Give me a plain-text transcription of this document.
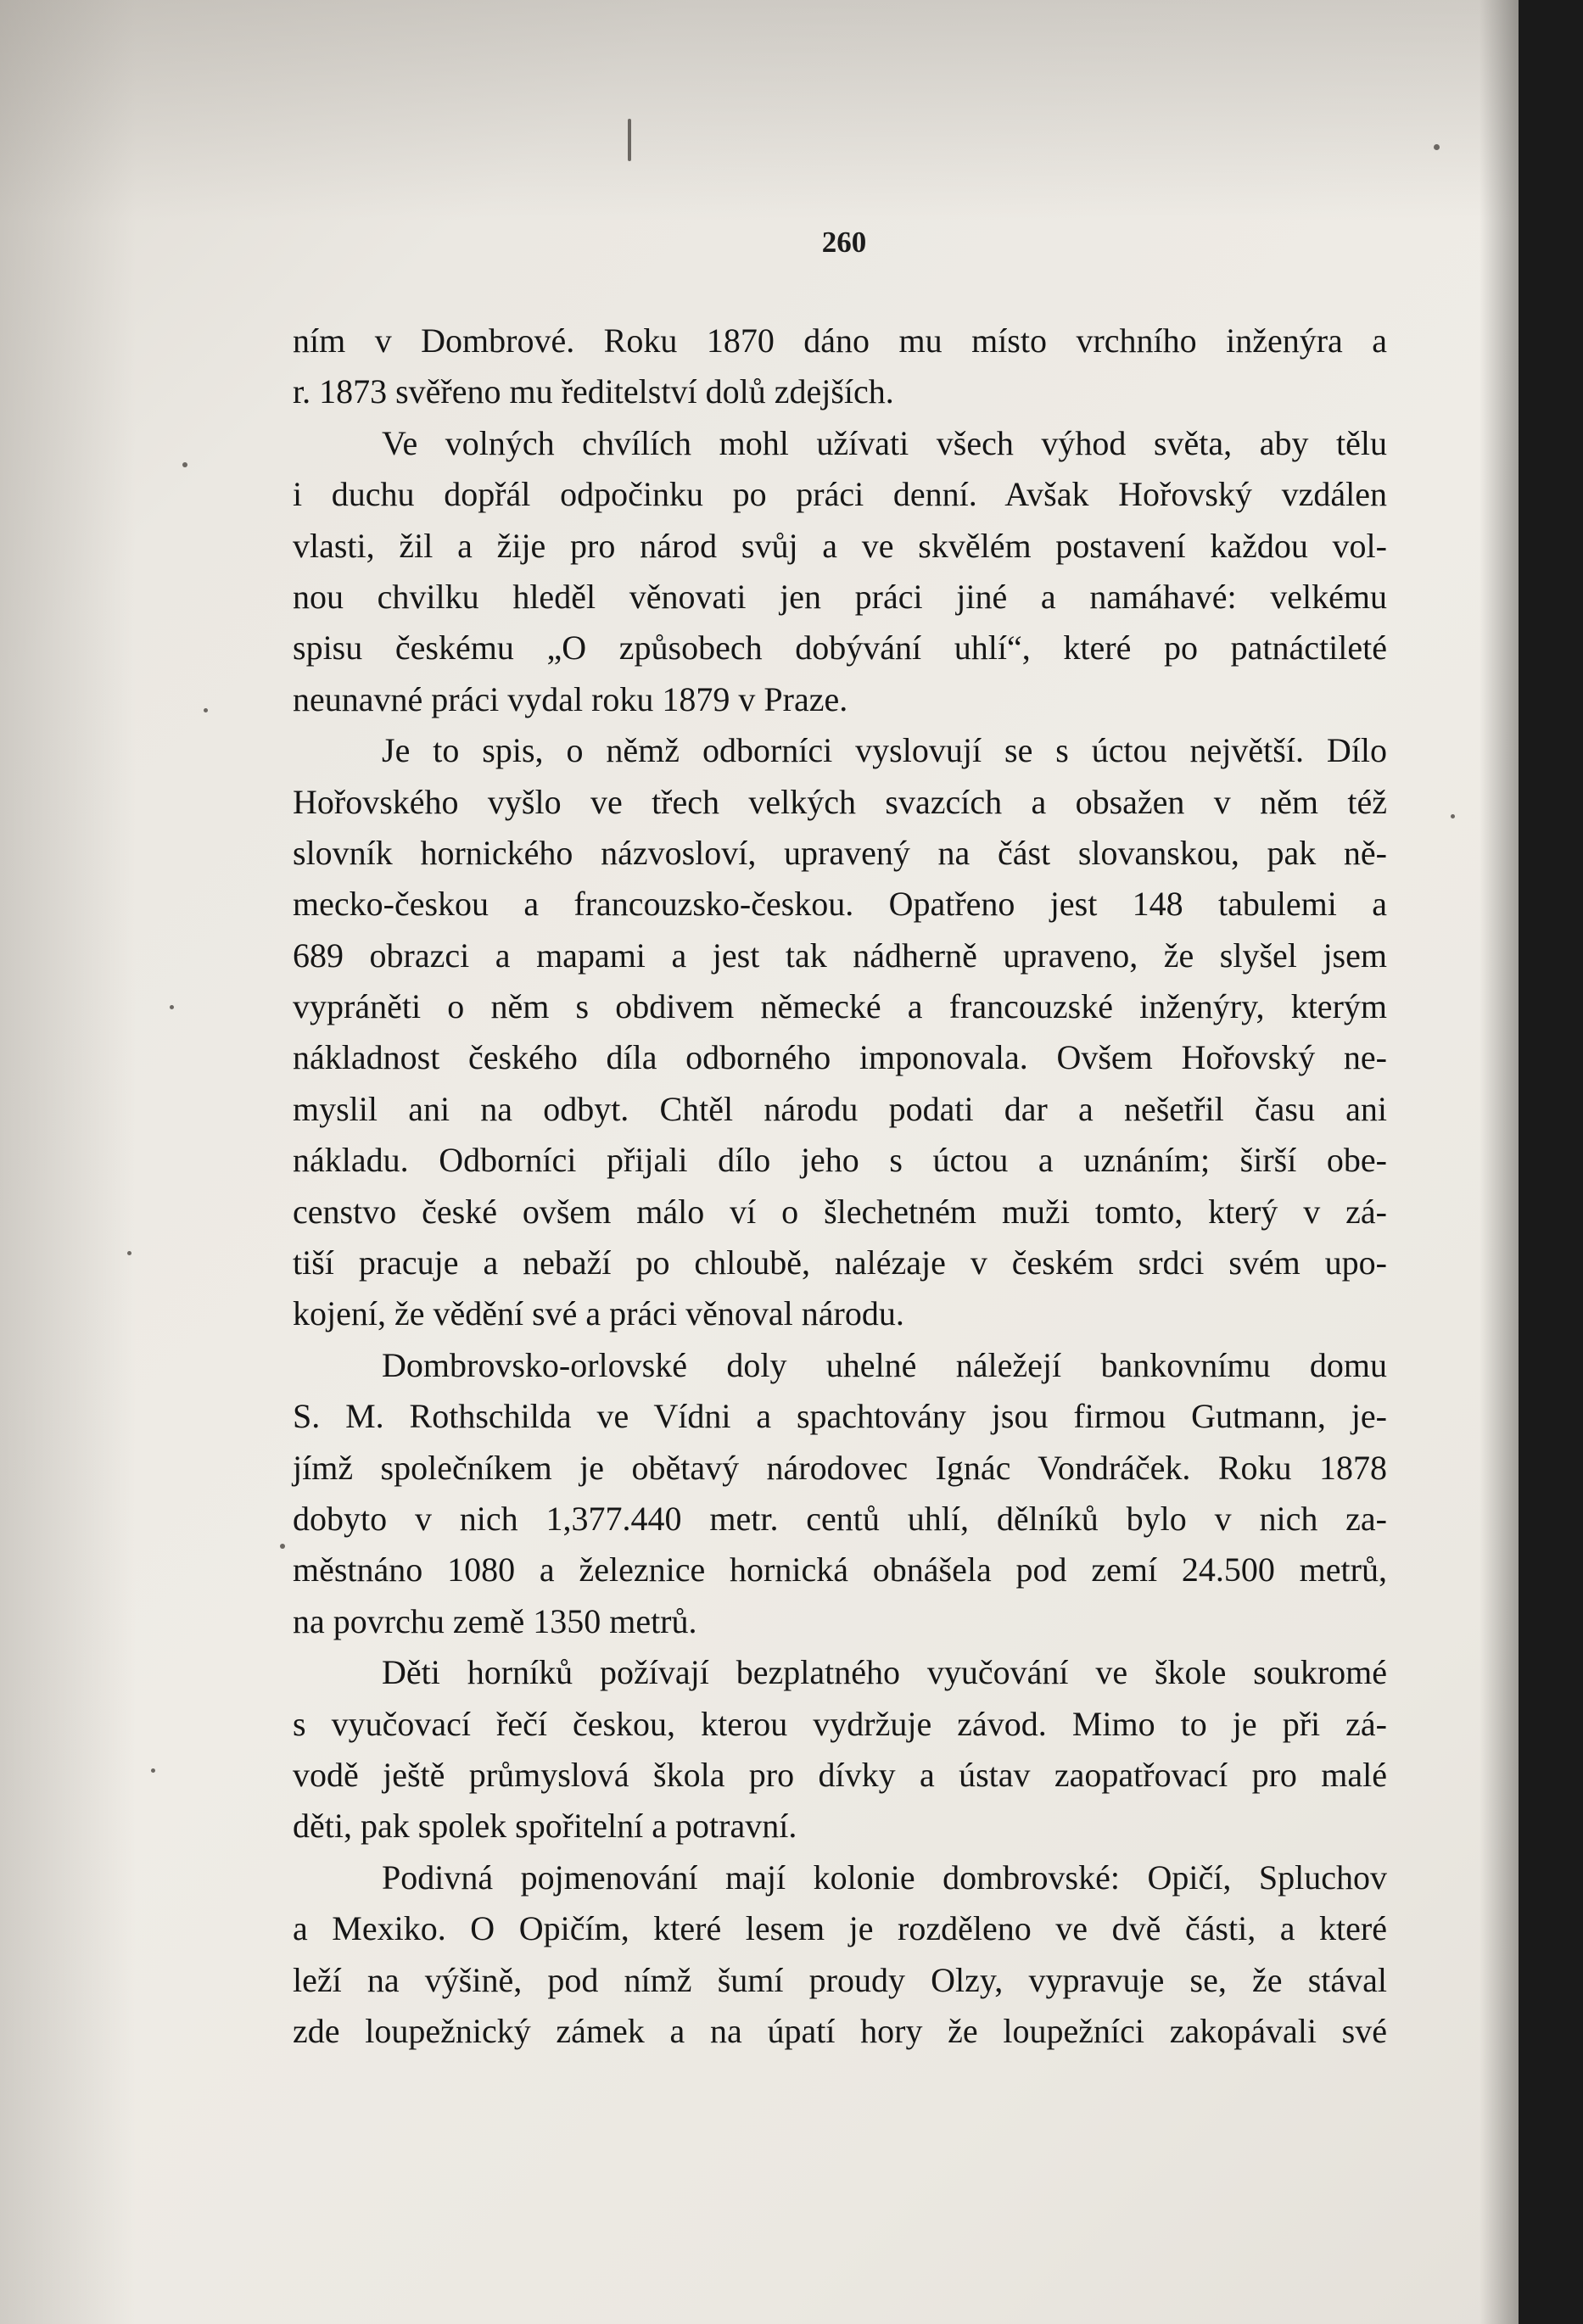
260
ním v Dombrové. Roku 1870 dáno mu místo vrchního inženýra a
r. 1873 svěřeno mu ředitelství dolů zdejších.
Ve volných chvílích mohl užívati všech výhod světa, aby tělu
i duchu dopřál odpočinku po práci denní. Avšak Hořovský vzdálen
vlasti, žil a žije pro národ svůj a ve skvělém postavení každou vol-
nou chvilku hleděl věnovati jen práci jiné a namáhavé: velkému
spisu českému „O způsobech dobývání uhlí“, které po patnáctileté
neunavné práci vydal roku 1879 v Praze.
Je to spis, o němž odborníci vyslovují se s úctou největší. Dílo
Hořovského vyšlo ve třech velkých svazcích a obsažen v něm též
slovník hornického názvosloví, upravený na část slovanskou, pak ně-
mecko-českou a francouzsko-českou. Opatřeno jest 148 tabulemi a
689 obrazci a mapami a jest tak nádherně upraveno, že slyšel jsem
vypráněti o něm s obdivem německé a francouzské inženýry, kterým
nákladnost českého díla odborného imponovala. Ovšem Hořovský ne-
myslil ani na odbyt. Chtěl národu podati dar a nešetřil času ani
nákladu. Odborníci přijali dílo jeho s úctou a uznáním; širší obe-
censtvo české ovšem málo ví o šlechetném muži tomto, který v zá-
tiší pracuje a nebaží po chloubě, nalézaje v českém srdci svém upo-
kojení, že vědění své a práci věnoval národu.
Dombrovsko-orlovské doly uhelné náležejí bankovnímu domu
S. M. Rothschilda ve Vídni a spachtovány jsou firmou Gutmann, je-
jímž společníkem je obětavý národovec Ignác Vondráček. Roku 1878
dobyto v nich 1,377.440 metr. centů uhlí, dělníků bylo v nich za-
městnáno 1080 a železnice hornická obnášela pod zemí 24.500 metrů,
na povrchu země 1350 metrů.
Děti horníků požívají bezplatného vyučování ve škole soukromé
s vyučovací řečí českou, kterou vydržuje závod. Mimo to je při zá-
vodě ještě průmyslová škola pro dívky a ústav zaopatřovací pro malé
děti, pak spolek spořitelní a potravní.
Podivná pojmenování mají kolonie dombrovské: Opičí, Spluchov
a Mexiko. O Opičím, které lesem je rozděleno ve dvě části, a které
leží na výšině, pod nímž šumí proudy Olzy, vypravuje se, že stával
zde loupežnický zámek a na úpatí hory že loupežníci zakopávali své
